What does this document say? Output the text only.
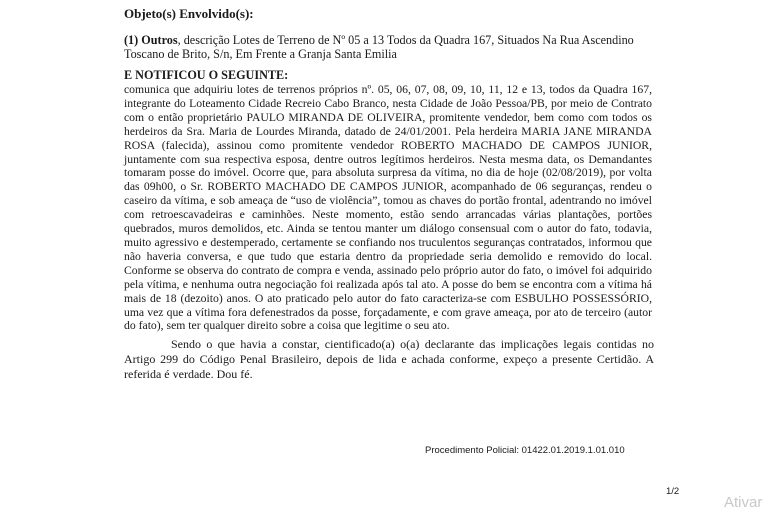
Objeto(s) Envolvido(s):
(1) Outros, descrição Lotes de Terreno de Nº 05 a 13 Todos da Quadra 167, Situados Na Rua Ascendino Toscano de Brito, S/n, Em Frente a Granja Santa Emilia
E NOTIFICOU O SEGUINTE:

comunica que adquiriu lotes de terrenos próprios nº. 05, 06, 07, 08, 09, 10, 11, 12 e 13, todos da Quadra 167, integrante do Loteamento Cidade Recreio Cabo Branco, nesta Cidade de João Pessoa/PB, por meio de Contrato com o então proprietário PAULO MIRANDA DE OLIVEIRA, promitente vendedor, bem como com todos os herdeiros da Sra. Maria de Lourdes Miranda, datado de 24/01/2001. Pela herdeira MARIA JANE MIRANDA ROSA (falecida), assinou como promitente vendedor ROBERTO MACHADO DE CAMPOS JUNIOR, juntamente com sua respectiva esposa, dentre outros legítimos herdeiros. Nesta mesma data, os Demandantes tomaram posse do imóvel. Ocorre que, para absoluta surpresa da vítima, no dia de hoje (02/08/2019), por volta das 09h00, o Sr. ROBERTO MACHADO DE CAMPOS JUNIOR, acompanhado de 06 seguranças, rendeu o caseiro da vítima, e sob ameaça de “uso de violência”, tomou as chaves do portão frontal, adentrando no imóvel com retroescavadeiras e caminhões. Neste momento, estão sendo arrancadas várias plantações, portões quebrados, muros demolidos, etc. Ainda se tentou manter um diálogo consensual com o autor do fato, todavia, muito agressivo e destemperado, certamente se confiando nos truculentos seguranças contratados, informou que não haveria conversa, e que tudo que estaria dentro da propriedade seria demolido e removido do local. Conforme se observa do contrato de compra e venda, assinado pelo próprio autor do fato, o imóvel foi adquirido pela vítima, e nenhuma outra negociação foi realizada após tal ato. A posse do bem se encontra com a vítima há mais de 18 (dezoito) anos. O ato praticado pelo autor do fato caracteriza-se com ESBULHO POSSESSÓRIO, uma vez que a vítima fora defenestrados da posse, forçadamente, e com grave ameaça, por ato de terceiro (autor do fato), sem ter qualquer direito sobre a coisa que legitime o seu ato.

Sendo o que havia a constar, cientificado(a) o(a) declarante das implicações legais contidas no Artigo 299 do Código Penal Brasileiro, depois de lida e achada conforme, expeço a presente Certidão. A referida é verdade. Dou fé.

Procedimento Policial: 01422.01.2019.1.01.010
1/2
Ativar
